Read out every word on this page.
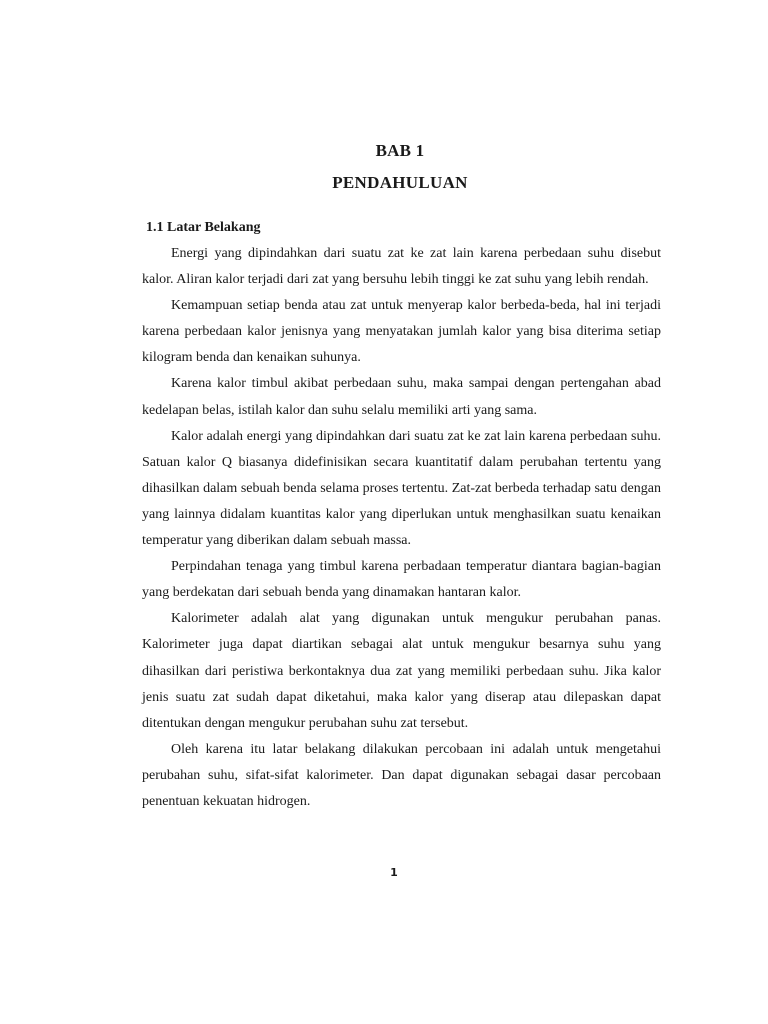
BAB 1
PENDAHULUAN
1.1 Latar Belakang

Energi yang dipindahkan dari suatu zat ke zat lain karena perbedaan suhu disebut kalor. Aliran kalor terjadi dari zat yang bersuhu lebih tinggi ke zat suhu yang lebih rendah.

Kemampuan setiap benda atau zat untuk menyerap kalor berbeda-beda, hal ini terjadi karena perbedaan kalor jenisnya yang menyatakan jumlah kalor yang bisa diterima setiap kilogram benda dan kenaikan suhunya.

Karena kalor timbul akibat perbedaan suhu, maka sampai dengan pertengahan abad kedelapan belas, istilah kalor dan suhu selalu memiliki arti yang sama.

Kalor adalah energi yang dipindahkan dari suatu zat ke zat lain karena perbedaan suhu. Satuan kalor Q biasanya didefinisikan secara kuantitatif dalam perubahan tertentu yang dihasilkan dalam sebuah benda selama proses tertentu. Zat-zat berbeda terhadap satu dengan yang lainnya didalam kuantitas kalor yang diperlukan untuk menghasilkan suatu kenaikan temperatur yang diberikan dalam sebuah massa.

Perpindahan tenaga yang timbul karena perbadaan temperatur diantara bagian-bagian yang berdekatan dari sebuah benda yang dinamakan hantaran kalor.

Kalorimeter adalah alat yang digunakan untuk mengukur perubahan panas. Kalorimeter juga dapat diartikan sebagai alat untuk mengukur besarnya suhu yang dihasilkan dari peristiwa berkontaknya dua zat yang memiliki perbedaan suhu. Jika kalor jenis suatu zat sudah dapat diketahui, maka kalor yang diserap atau dilepaskan dapat ditentukan dengan mengukur perubahan suhu zat tersebut.

Oleh karena itu latar belakang dilakukan percobaan ini adalah untuk mengetahui perubahan suhu, sifat-sifat kalorimeter. Dan dapat digunakan sebagai dasar percobaan penentuan kekuatan hidrogen.

1
